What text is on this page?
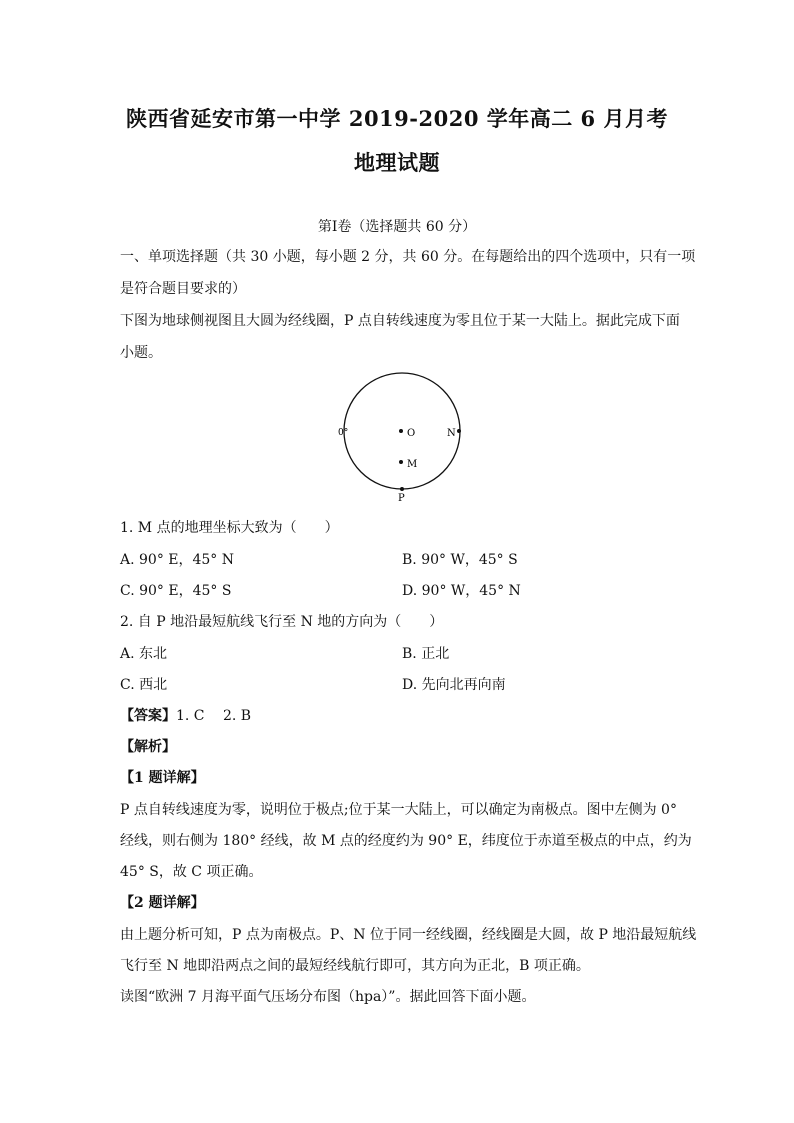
陕西省延安市第一中学 2019-2020 学年高二 6 月月考
地理试题
第Ⅰ卷（选择题共 60 分）
一、单项选择题（共 30 小题，每小题 2 分，共 60 分。在每题给出的四个选项中，只有一项
是符合题目要求的）
下图为地球侧视图且大圆为经线圈，P 点自转线速度为零且位于某一大陆上。据此完成下面
小题。
0°	O	N
M
P
1. M 点的地理坐标大致为（　　）
A. 90° E，45° N	B. 90° W，45° S
C. 90° E，45° S	D. 90° W，45° N
2. 自 P 地沿最短航线飞行至 N 地的方向为（　　）
A. 东北	B. 正北
C. 西北	D. 先向北再向南
【答案】1. C　 2. B
【解析】
【1 题详解】
P 点自转线速度为零，说明位于极点;位于某一大陆上，可以确定为南极点。图中左侧为 0°
经线，则右侧为 180° 经线，故 M 点的经度约为 90° E，纬度位于赤道至极点的中点，约为
45° S，故 C 项正确。
【2 题详解】
由上题分析可知，P 点为南极点。P、N 位于同一经线圈，经线圈是大圆，故 P 地沿最短航线
飞行至 N 地即沿两点之间的最短经线航行即可，其方向为正北，B 项正确。
读图“欧洲 7 月海平面气压场分布图（hpa）”。据此回答下面小题。
